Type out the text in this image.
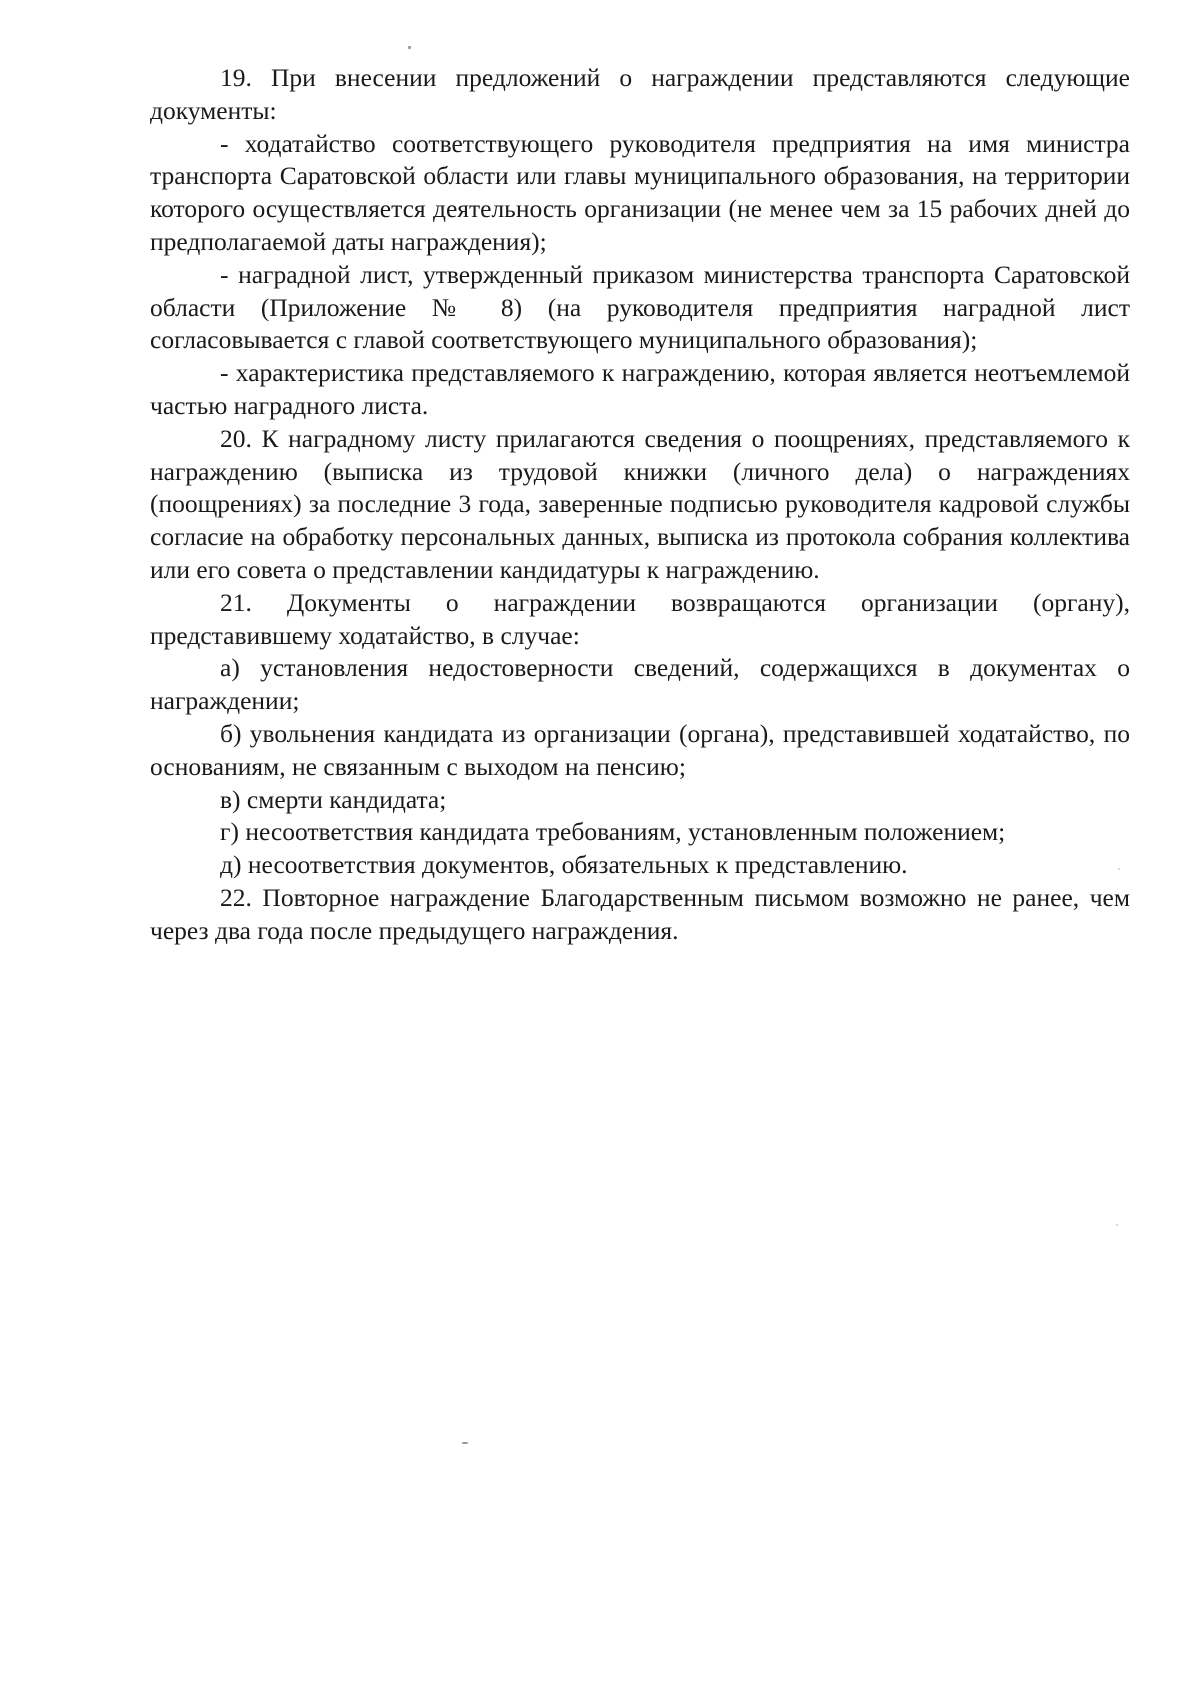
19. При внесении предложений о награждении представляются следующие документы:

- ходатайство соответствующего руководителя предприятия на имя министра транспорта Саратовской области или главы муниципального образования, на территории которого осуществляется деятельность организации (не менее чем за 15 рабочих дней до предполагаемой даты награждения);

- наградной лист, утвержденный приказом министерства транспорта Саратовской области (Приложение № 8) (на руководителя предприятия наградной лист согласовывается с главой соответствующего муниципального образования);

- характеристика представляемого к награждению, которая является неотъемлемой частью наградного листа.

20. К наградному листу прилагаются сведения о поощрениях, представляемого к награждению (выписка из трудовой книжки (личного дела) о награждениях (поощрениях) за последние 3 года, заверенные подписью руководителя кадровой службы согласие на обработку персональных данных, выписка из протокола собрания коллектива или его совета о представлении кандидатуры к награждению.

21. Документы о награждении возвращаются организации (органу), представившему ходатайство, в случае:

а) установления недостоверности сведений, содержащихся в документах о награждении;

б) увольнения кандидата из организации (органа), представившей ходатайство, по основаниям, не связанным с выходом на пенсию;

в) смерти кандидата;

г) несоответствия кандидата требованиям, установленным положением;

д) несоответствия документов, обязательных к представлению.

22. Повторное награждение Благодарственным письмом возможно не ранее, чем через два года после предыдущего награждения.
